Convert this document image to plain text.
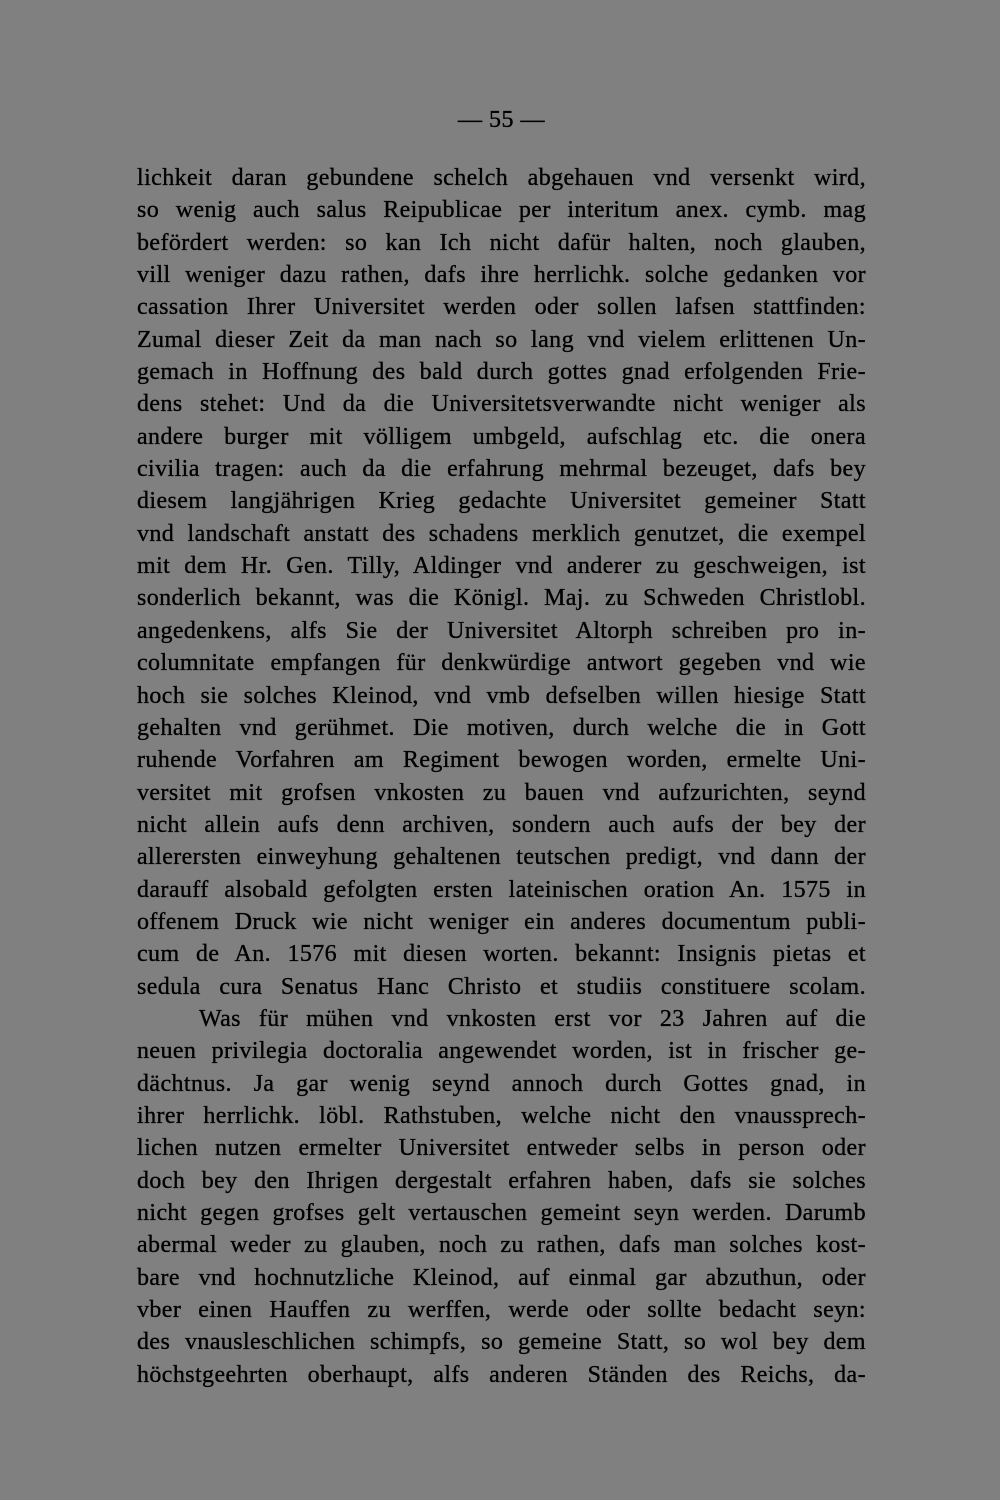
— 55 —
lichkeit daran gebundene schelch abgehauen vnd versenkt wird,
so wenig auch salus Reipublicae per interitum anex. cymb. mag
befördert werden: so kan Ich nicht dafür halten, noch glauben,
vill weniger dazu rathen, dafs ihre herrlichk. solche gedanken vor
cassation Ihrer Universitet werden oder sollen lafsen stattfinden:
Zumal dieser Zeit da man nach so lang vnd vielem erlittenen Un-
gemach in Hoffnung des bald durch gottes gnad erfolgenden Frie-
dens stehet: Und da die Universitetsverwandte nicht weniger als
andere burger mit völligem umbgeld, aufschlag etc. die onera
civilia tragen: auch da die erfahrung mehrmal bezeuget, dafs bey
diesem langjährigen Krieg gedachte Universitet gemeiner Statt
vnd landschaft anstatt des schadens merklich genutzet, die exempel
mit dem Hr. Gen. Tilly, Aldinger vnd anderer zu geschweigen, ist
sonderlich bekannt, was die Königl. Maj. zu Schweden Christlobl.
angedenkens, alfs Sie der Universitet Altorph schreiben pro in-
columnitate empfangen für denkwürdige antwort gegeben vnd wie
hoch sie solches Kleinod, vnd vmb defselben willen hiesige Statt
gehalten vnd gerühmet. Die motiven, durch welche die in Gott
ruhende Vorfahren am Regiment bewogen worden, ermelte Uni-
versitet mit grofsen vnkosten zu bauen vnd aufzurichten, seynd
nicht allein aufs denn archiven, sondern auch aufs der bey der
allerersten einweyhung gehaltenen teutschen predigt, vnd dann der
darauff alsobald gefolgten ersten lateinischen oration An. 1575 in
offenem Druck wie nicht weniger ein anderes documentum publi-
cum de An. 1576 mit diesen worten. bekannt: Insignis pietas et
sedula cura Senatus Hanc Christo et studiis constituere scolam.
Was für mühen vnd vnkosten erst vor 23 Jahren auf die
neuen privilegia doctoralia angewendet worden, ist in frischer ge-
dächtnus. Ja gar wenig seynd annoch durch Gottes gnad, in
ihrer herrlichk. löbl. Rathstuben, welche nicht den vnaussprech-
lichen nutzen ermelter Universitet entweder selbs in person oder
doch bey den Ihrigen dergestalt erfahren haben, dafs sie solches
nicht gegen grofses gelt vertauschen gemeint seyn werden. Darumb
abermal weder zu glauben, noch zu rathen, dafs man solches kost-
bare vnd hochnutzliche Kleinod, auf einmal gar abzuthun, oder
vber einen Hauffen zu werffen, werde oder sollte bedacht seyn:
des vnausleschlichen schimpfs, so gemeine Statt, so wol bey dem
höchstgeehrten oberhaupt, alfs anderen Ständen des Reichs, da-
